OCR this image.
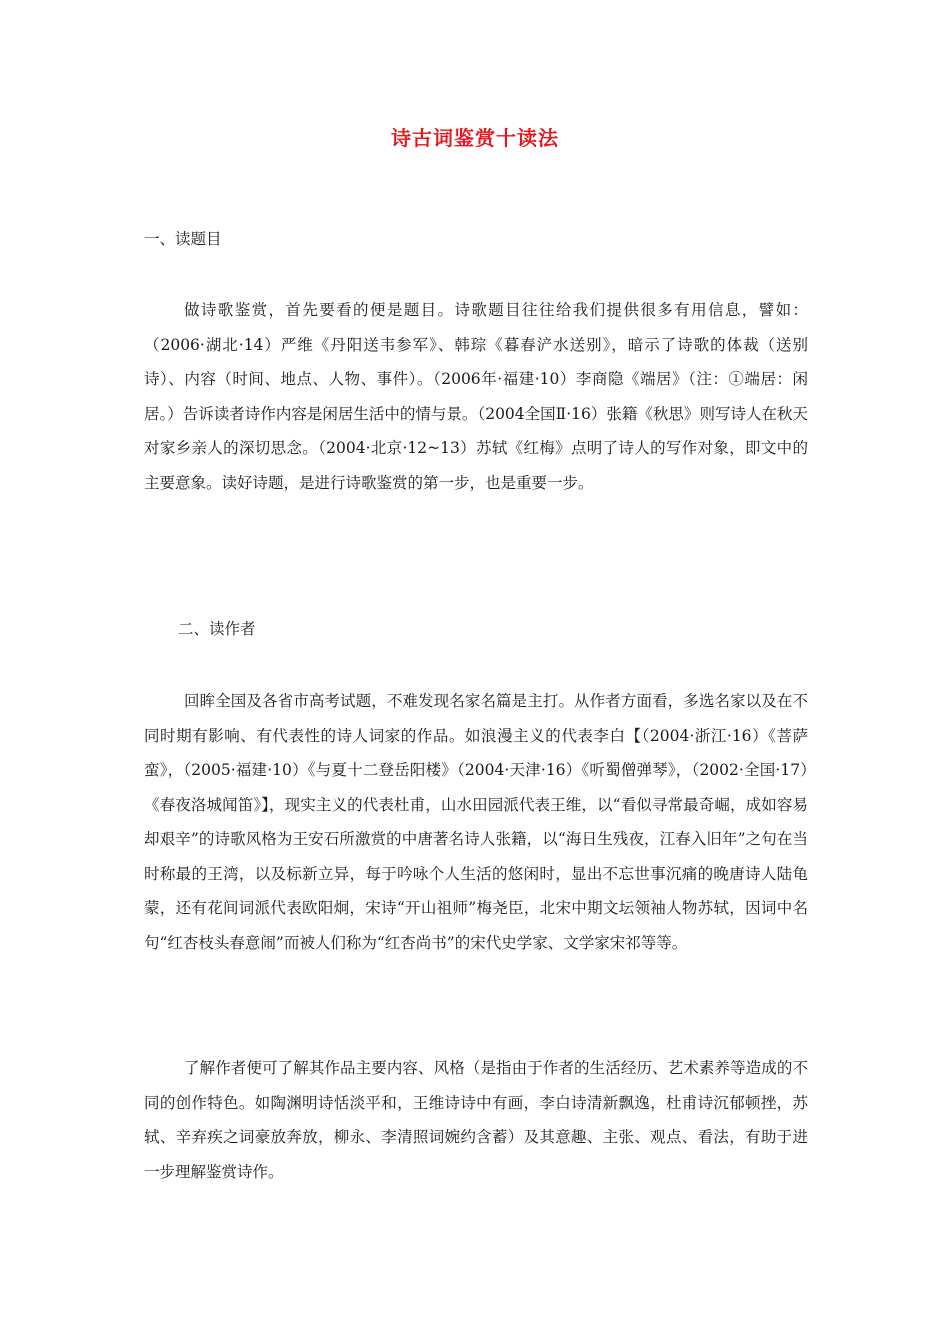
诗古词鉴赏十读法

一、读题目

做诗歌鉴赏，首先要看的便是题目。诗歌题目往往给我们提供很多有用信息，譬如：（2006·湖北·14）严维《丹阳送韦参军》、韩琮《暮春浐水送别》，暗示了诗歌的体裁（送别诗）、内容（时间、地点、人物、事件）。（2006年·福建·10）李商隐《端居》（注：①端居：闲居。）告诉读者诗作内容是闲居生活中的情与景。（2004全国Ⅱ·16）张籍《秋思》则写诗人在秋天对家乡亲人的深切思念。（2004·北京·12~13）苏轼《红梅》点明了诗人的写作对象，即文中的主要意象。读好诗题，是进行诗歌鉴赏的第一步，也是重要一步。

二、读作者

回眸全国及各省市高考试题，不难发现名家名篇是主打。从作者方面看，多选名家以及在不同时期有影响、有代表性的诗人词家的作品。如浪漫主义的代表李白【（2004·浙江·16）《菩萨蛮》，（2005·福建·10）《与夏十二登岳阳楼》（2004·天津·16）《听蜀僧弹琴》，（2002·全国·17）《春夜洛城闻笛》】，现实主义的代表杜甫，山水田园派代表王维，以“看似寻常最奇崛，成如容易却艰辛”的诗歌风格为王安石所激赏的中唐著名诗人张籍，以“海日生残夜，江春入旧年”之句在当时称最的王湾，以及标新立异，每于吟咏个人生活的悠闲时，显出不忘世事沉痛的晚唐诗人陆龟蒙，还有花间词派代表欧阳炯，宋诗“开山祖师”梅尧臣，北宋中期文坛领袖人物苏轼，因词中名句“红杏枝头春意闹”而被人们称为“红杏尚书”的宋代史学家、文学家宋祁等等。

了解作者便可了解其作品主要内容、风格（是指由于作者的生活经历、艺术素养等造成的不同的创作特色。如陶渊明诗恬淡平和，王维诗诗中有画，李白诗清新飘逸，杜甫诗沉郁顿挫，苏轼、辛弃疾之词豪放奔放，柳永、李清照词婉约含蓄）及其意趣、主张、观点、看法，有助于进一步理解鉴赏诗作。
